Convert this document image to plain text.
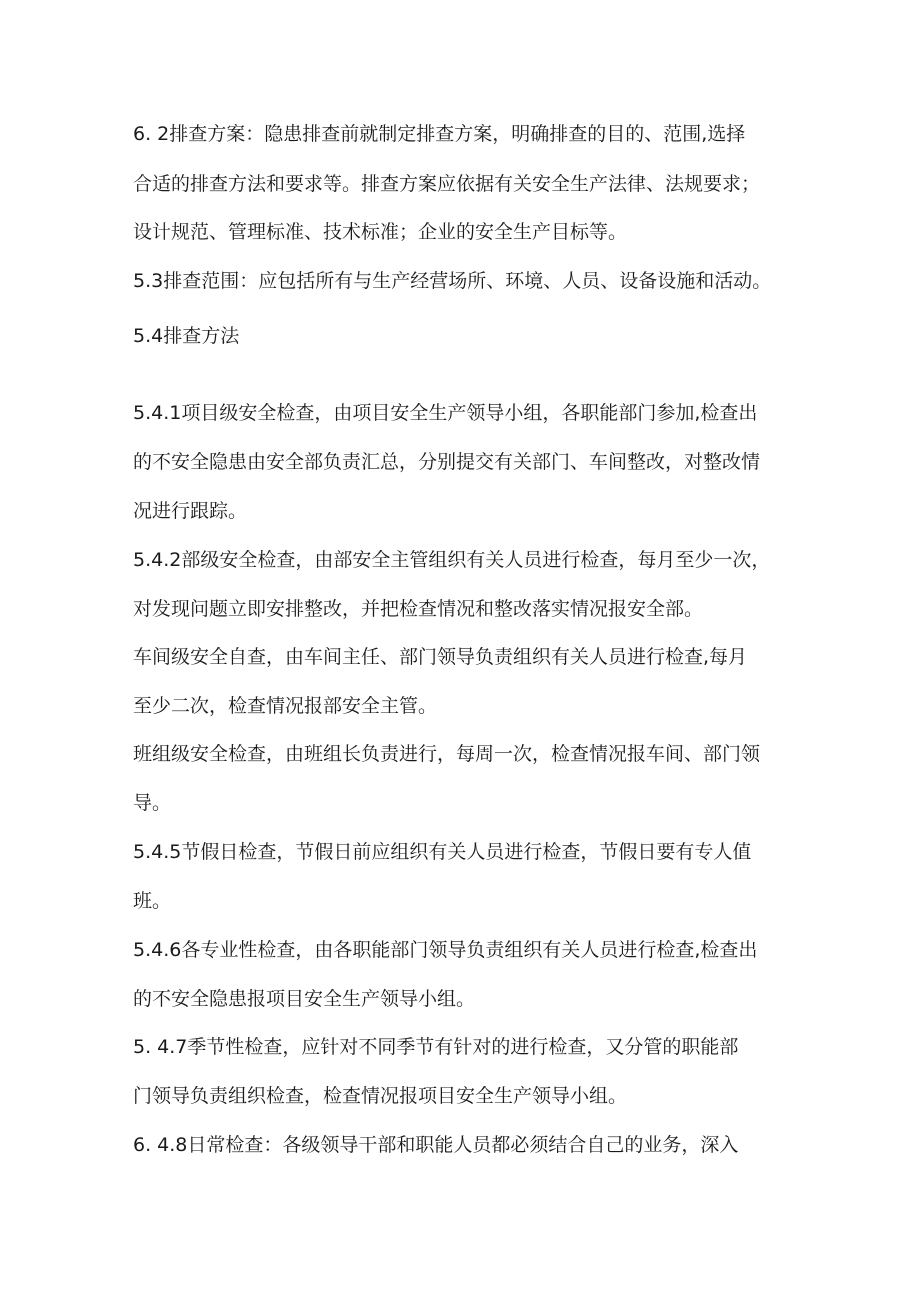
6. 2排查方案：隐患排查前就制定排查方案，明确排查的目的、范围,选择
合适的排查方法和要求等。排查方案应依据有关安全生产法律、法规要求；
设计规范、管理标准、技术标准；企业的安全生产目标等。
5.3排查范围：应包括所有与生产经营场所、环境、人员、设备设施和活动。
5.4排查方法
5.4.1项目级安全检查，由项目安全生产领导小组，各职能部门参加,检查出
的不安全隐患由安全部负责汇总，分别提交有关部门、车间整改，对整改情
况进行跟踪。
5.4.2部级安全检查，由部安全主管组织有关人员进行检查，每月至少一次，
对发现问题立即安排整改，并把检查情况和整改落实情况报安全部。
车间级安全自查，由车间主任、部门领导负责组织有关人员进行检查,每月
至少二次，检查情况报部安全主管。
班组级安全检查，由班组长负责进行，每周一次，检查情况报车间、部门领
导。
5.4.5节假日检查，节假日前应组织有关人员进行检查，节假日要有专人值
班。
5.4.6各专业性检查，由各职能部门领导负责组织有关人员进行检查,检查出
的不安全隐患报项目安全生产领导小组。
5. 4.7季节性检查，应针对不同季节有针对的进行检查，又分管的职能部
门领导负责组织检查，检查情况报项目安全生产领导小组。
6. 4.8日常检查：各级领导干部和职能人员都必须结合自己的业务，深入
